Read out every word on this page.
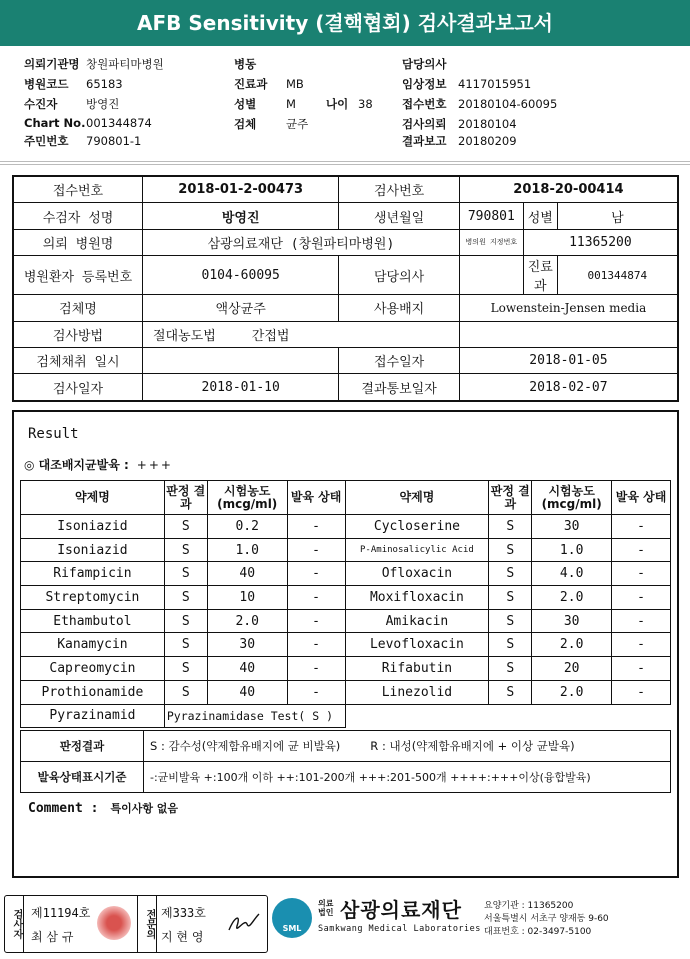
AFB Sensitivity (결핵협회) 검사결과보고서
의뢰기관명 창원파티마병원
병원코드 65183
수진자 방영진
Chart No.001344874
주민번호 790801-1
병동
진료과 MB
성별	M	나이 38
검체	균주
담당의사
임상정보 4117015951
접수번호 20180104-60095
검사의뢰 20180104
결과보고 20180209
접수번호	2018-01-2-00473	검사번호	2018-20-00414		
수검자 성명	방영진	생년월일	790801	성별	남
의뢰 병원명	삼광의료재단 (창원파티마병원)		병의원 지정번호	11365200	
병원환자 등록번호	0104-60095	담당의사		진료과	001344874
검체명	액상균주	사용배지	Lowenstein-Jensen media		
검사방법	절대농도법 간접법				
검체채취 일시		접수일자	2018-01-05		
검사일자	2018-01-10	결과통보일자	2018-02-07		
Result
◎ 대조배지균발육 : +++
약제명	판정 결과	시험농도 (mcg/ml)	발육 상태	약제명	판정 결과	시험농도 (mcg/ml)	발육 상태
Isoniazid	S	0.2	-	Cycloserine	S	30	-
Isoniazid	S	1.0	-	P-Aminosalicylic Acid	S	1.0	-
Rifampicin	S	40	-	Ofloxacin	S	4.0	-
Streptomycin	S	10	-	Moxifloxacin	S	2.0	-
Ethambutol	S	2.0	-	Amikacin	S	30	-
Kanamycin	S	30	-	Levofloxacin	S	2.0	-
Capreomycin	S	40	-	Rifabutin	S	20	-
Prothionamide	S	40	-	Linezolid	S	2.0	-
Pyrazinamid	Pyrazinamidase Test( S )						
판정결과	S : 감수성(약제함유배지에 균 비발육) R : 내성(약제함유배지에 + 이상 균발육)
발육상태표시기준	-:균비발육 +:100개 이하 ++:101-200개 +++:201-500개 ++++:+++이상(융합발육)
Comment : 특이사항 없음
검사자 제11194호
최 삼 규	전문의 제333호
지 현 영
SML
의료
법인 삼광의료재단
Samkwang Medical Laboratories
요양기관 : 11365200
서울특별시 서초구 양재동 9-60
대표번호 : 02-3497-5100
